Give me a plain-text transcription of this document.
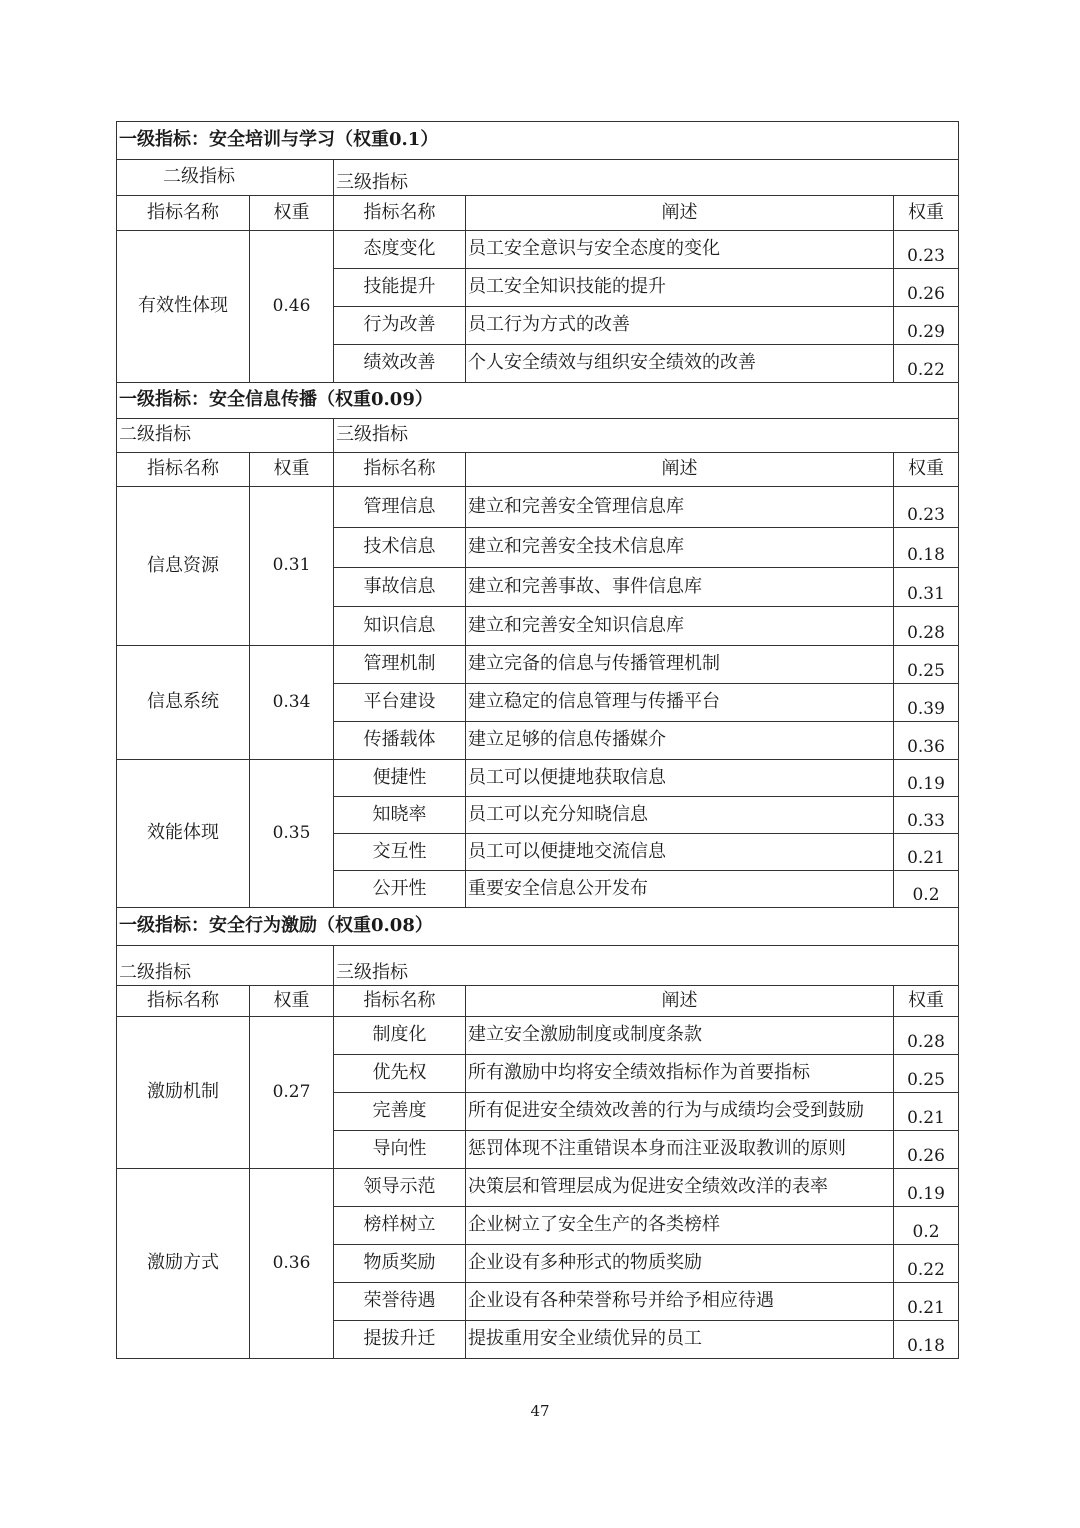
一级指标：安全培训与学习（权重0.1）				
二级指标		三级指标		
指标名称	权重	指标名称	阐述	权重
有效性体现	0.46	态度变化	员工安全意识与安全态度的变化	0.23
		技能提升	员工安全知识技能的提升	0.26
		行为改善	员工行为方式的改善	0.29
		绩效改善	个人安全绩效与组织安全绩效的改善	0.22
一级指标：安全信息传播（权重0.09）				
二级指标		三级指标		
指标名称	权重	指标名称	阐述	权重
信息资源	0.31	管理信息	建立和完善安全管理信息库	0.23
		技术信息	建立和完善安全技术信息库	0.18
		事故信息	建立和完善事故、事件信息库	0.31
		知识信息	建立和完善安全知识信息库	0.28
信息系统	0.34	管理机制	建立完备的信息与传播管理机制	0.25
		平台建设	建立稳定的信息管理与传播平台	0.39
		传播载体	建立足够的信息传播媒介	0.36
效能体现	0.35	便捷性	员工可以便捷地获取信息	0.19
		知晓率	员工可以充分知晓信息	0.33
		交互性	员工可以便捷地交流信息	0.21
		公开性	重要安全信息公开发布	0.2
一级指标：安全行为激励（权重0.08）				
二级指标		三级指标		
指标名称	权重	指标名称	阐述	权重
激励机制	0.27	制度化	建立安全激励制度或制度条款	0.28
		优先权	所有激励中均将安全绩效指标作为首要指标	0.25
		完善度	所有促进安全绩效改善的行为与成绩均会受到鼓励	0.21
		导向性	惩罚体现不注重错误本身而注亚汲取教训的原则	0.26
激励方式	0.36	领导示范	决策层和管理层成为促进安全绩效改洋的表率	0.19
		榜样树立	企业树立了安全生产的各类榜样	0.2
		物质奖励	企业设有多种形式的物质奖励	0.22
		荣誉待遇	企业设有各种荣誉称号并给予相应待遇	0.21
		提拔升迁	提拔重用安全业绩优异的员工	0.18
47
